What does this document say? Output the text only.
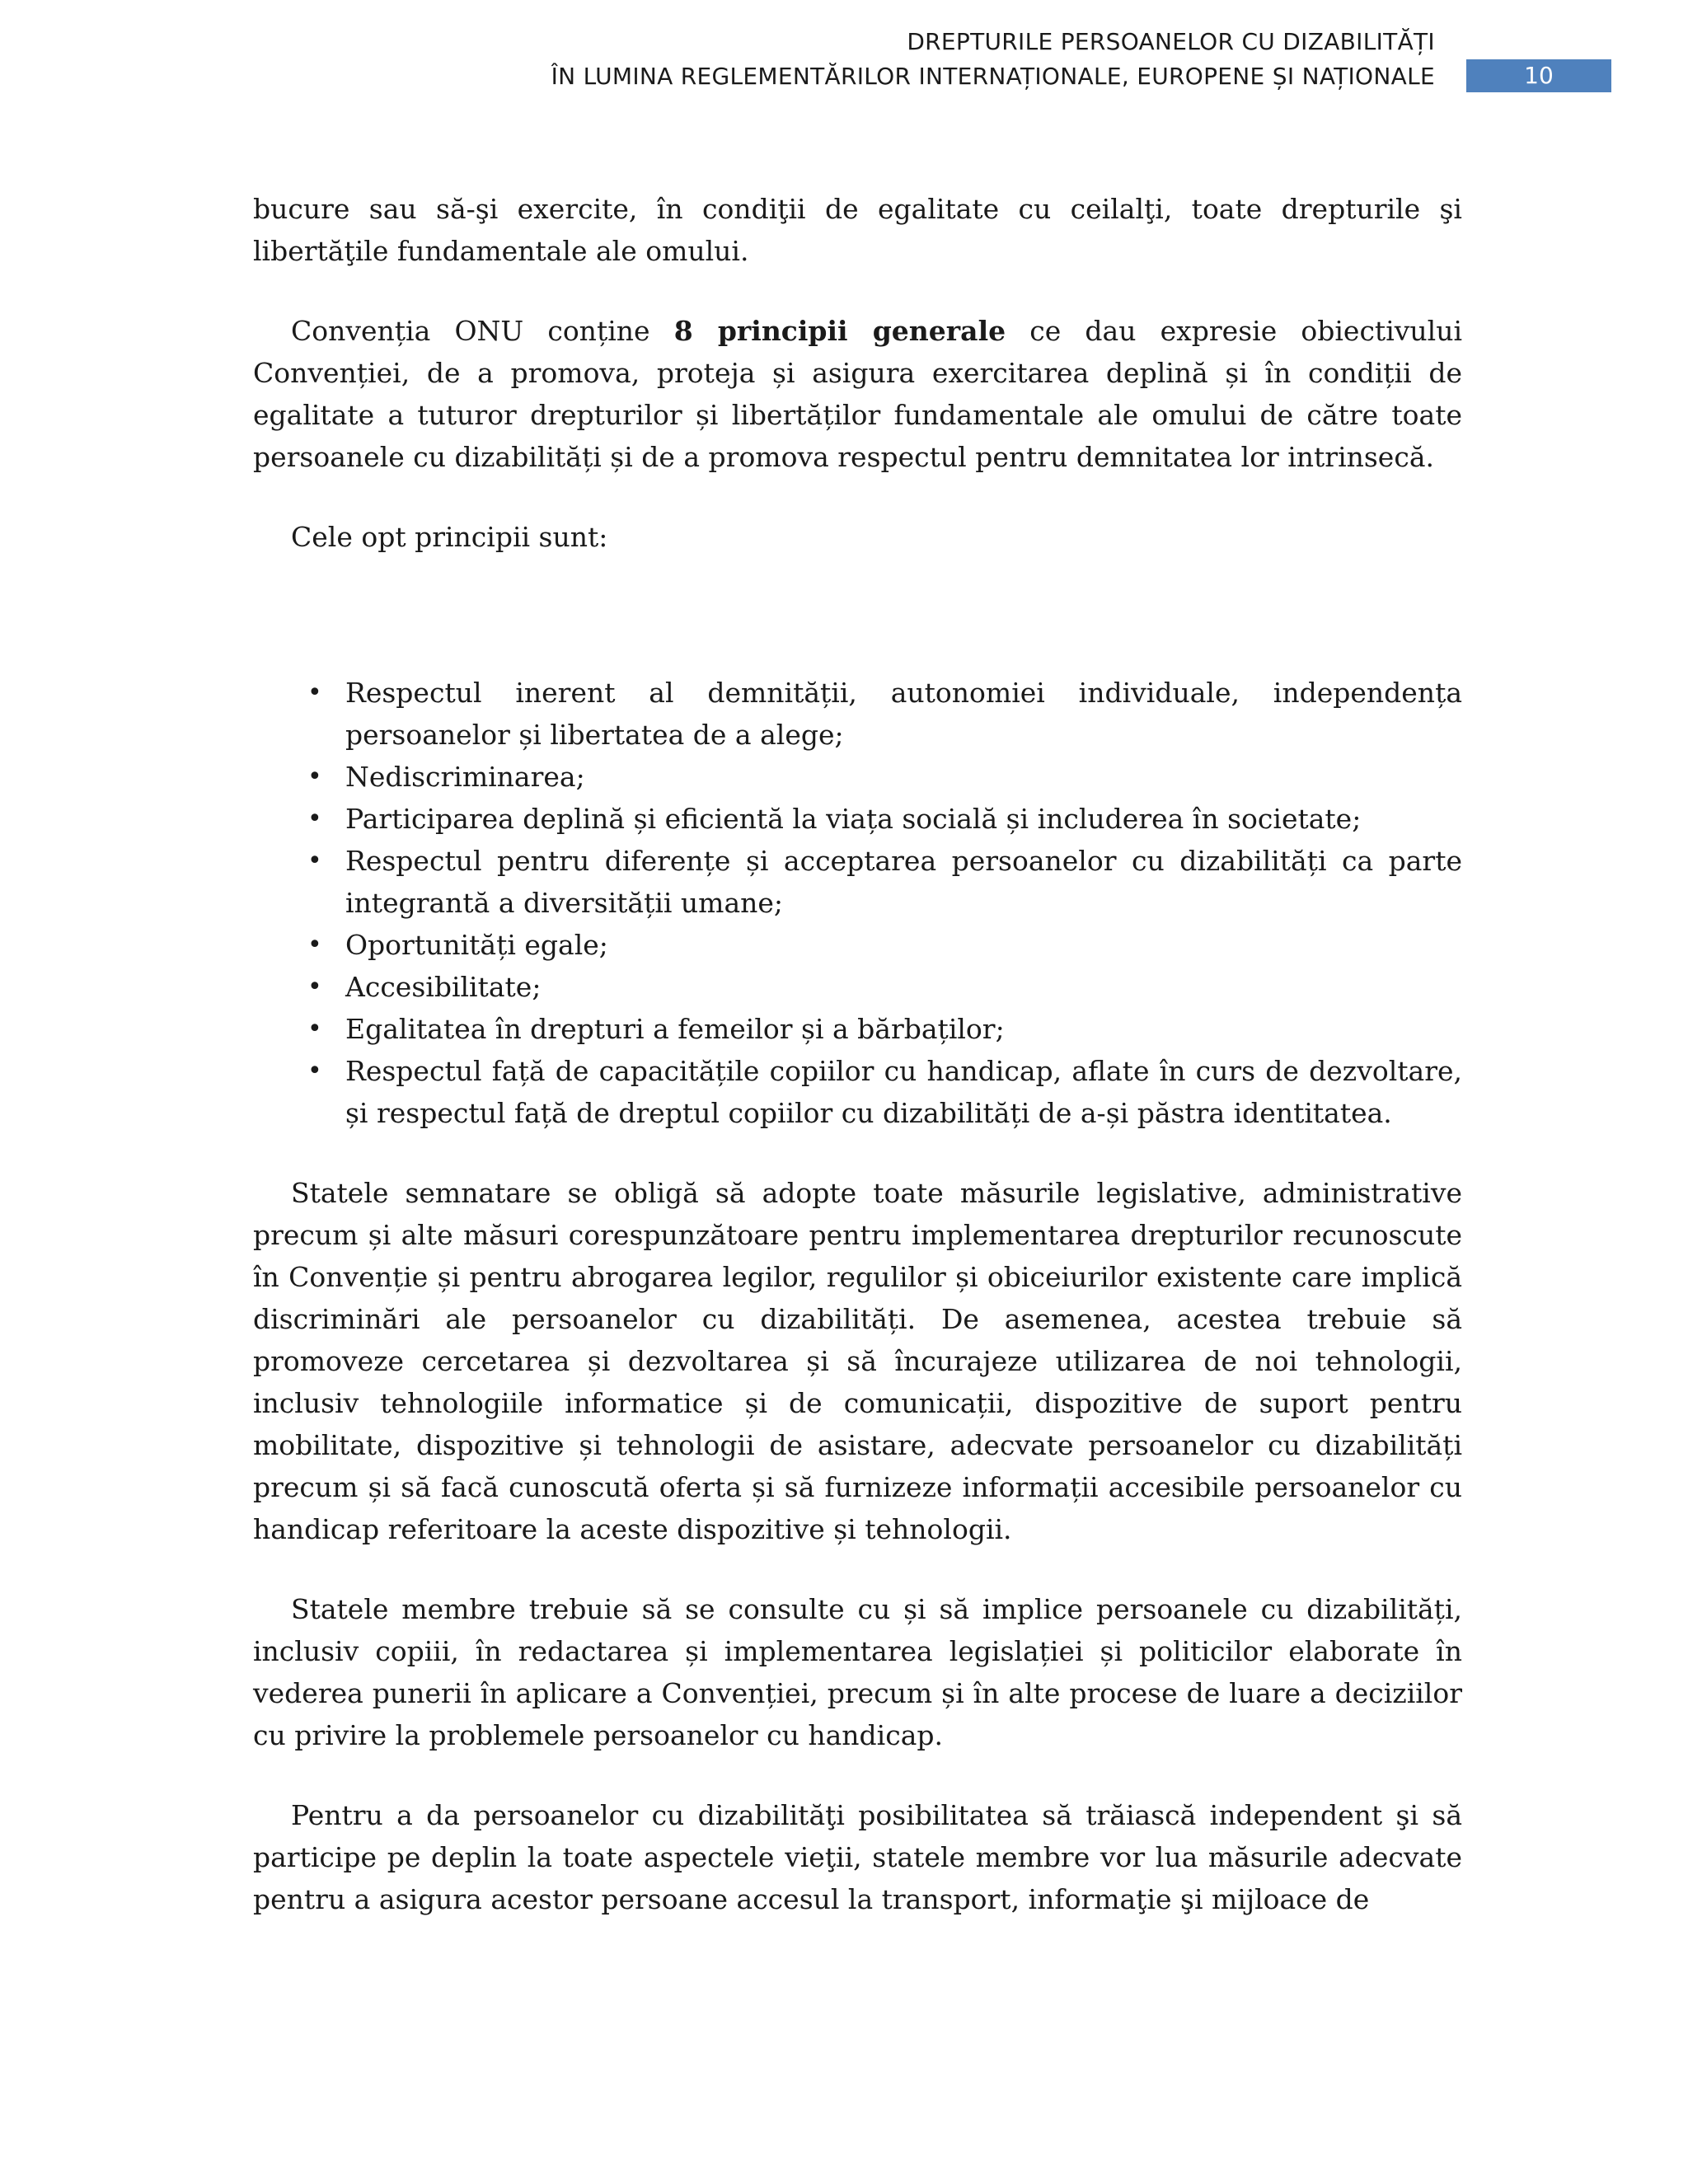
DREPTURILE PERSOANELOR CU DIZABILITĂȚI
ÎN LUMINA REGLEMENTĂRILOR INTERNAȚIONALE, EUROPENE ȘI NAȚIONALE	10

bucure sau să-şi exercite, în condiţii de egalitate cu ceilalţi, toate drepturile şi libertăţile fundamentale ale omului.

Convenția ONU conține 8 principii generale ce dau expresie obiectivului Convenției, de a promova, proteja și asigura exercitarea deplină și în condiții de egalitate a tuturor drepturilor și libertăților fundamentale ale omului de către toate persoanele cu dizabilități și de a promova respectul pentru demnitatea lor intrinsecă.

Cele opt principii sunt:

• Respectul inerent al demnității, autonomiei individuale, independența persoanelor și libertatea de a alege;
• Nediscriminarea;
• Participarea deplină și eficientă la viața socială și includerea în societate;
• Respectul pentru diferențe și acceptarea persoanelor cu dizabilități ca parte integrantă a diversității umane;
• Oportunități egale;
• Accesibilitate;
• Egalitatea în drepturi a femeilor și a bărbaților;
• Respectul față de capacitățile copiilor cu handicap, aflate în curs de dezvoltare, și respectul față de dreptul copiilor cu dizabilități de a-și păstra identitatea.

Statele semnatare se obligă să adopte toate măsurile legislative, administrative precum și alte măsuri corespunzătoare pentru implementarea drepturilor recunoscute în Convenție și pentru abrogarea legilor, regulilor și obiceiurilor existente care implică discriminări ale persoanelor cu dizabilități. De asemenea, acestea trebuie să promoveze cercetarea și dezvoltarea și să încurajeze utilizarea de noi tehnologii, inclusiv tehnologiile informatice și de comunicații, dispozitive de suport pentru mobilitate, dispozitive și tehnologii de asistare, adecvate persoanelor cu dizabilități precum și să facă cunoscută oferta și să furnizeze informații accesibile persoanelor cu handicap referitoare la aceste dispozitive și tehnologii.

Statele membre trebuie să se consulte cu și să implice persoanele cu dizabilități, inclusiv copiii, în redactarea și implementarea legislației și politicilor elaborate în vederea punerii în aplicare a Convenției, precum și în alte procese de luare a deciziilor cu privire la problemele persoanelor cu handicap.

Pentru a da persoanelor cu dizabilităţi posibilitatea să trăiască independent şi să participe pe deplin la toate aspectele vieţii, statele membre vor lua măsurile adecvate pentru a asigura acestor persoane accesul la transport, informaţie şi mijloace de
